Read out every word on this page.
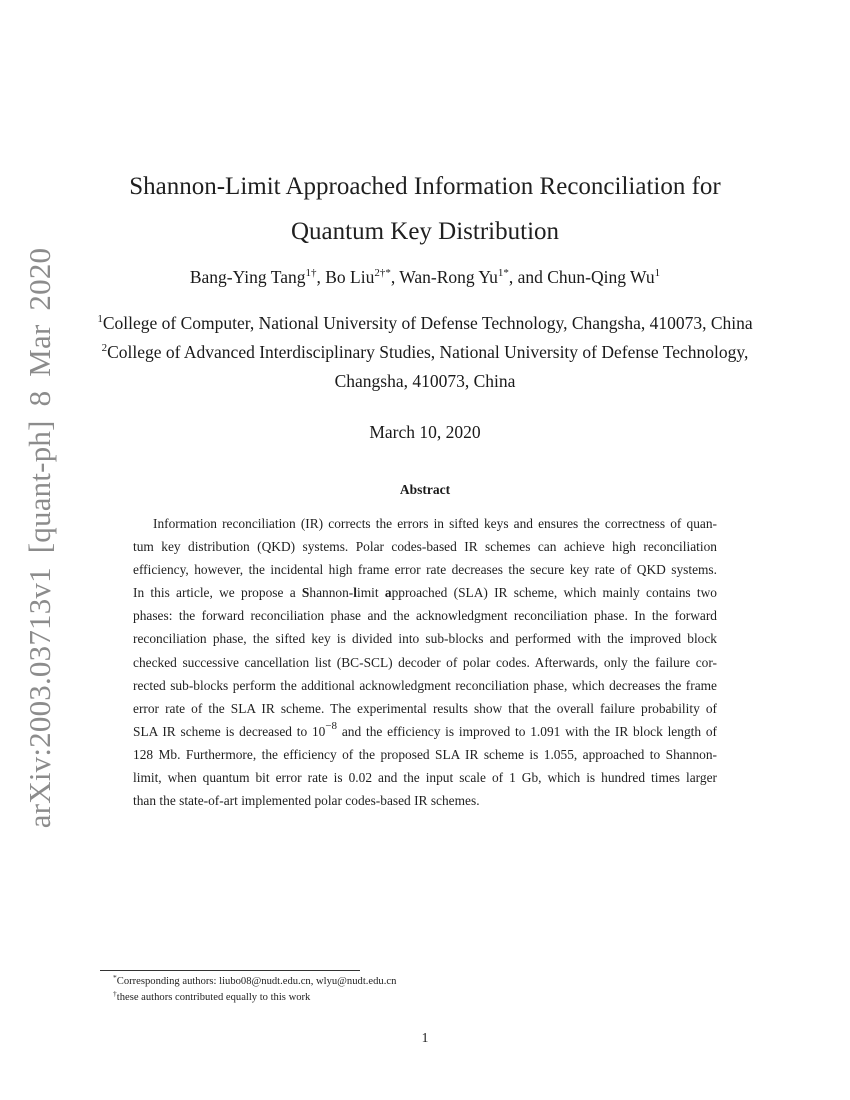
arXiv:2003.03713v1 [quant-ph] 8 Mar 2020
Shannon-Limit Approached Information Reconciliation for
Quantum Key Distribution
Bang-Ying Tang$^{1\dagger}$, Bo Liu$^{2\dagger*}$, Wan-Rong $Yu^{1*}$, and Chun-Qing Wu$^1$
$^1$College of Computer, National University of Defense Technology, Changsha, 410073, China
$^2$College of Advanced Interdisciplinary Studies, National University of Defense Technology,
Changsha, 410073, China
March 10, 2020
Abstract
Information reconciliation (IR) corrects the errors in sifted keys and ensures the correctness of quan-
tum key distribution (QKD) systems. Polar codes-based IR schemes can achieve high reconciliation
efficiency, however, the incidental high frame error rate decreases the secure key rate of QKD systems.
In this article, we propose a Shannon-limit approached (SLA) IR scheme, which mainly contains two
phases: the forward reconciliation phase and the acknowledgment reconciliation phase. In the forward
reconciliation phase, the sifted key is divided into sub-blocks and performed with the improved block
checked successive cancellation list (BC-SCL) decoder of polar codes. Afterwards, only the failure cor-
rected sub-blocks perform the additional acknowledgment reconciliation phase, which decreases the frame
error rate of the SLA IR scheme. The experimental results show that the overall failure probability of
SLA IR scheme is decreased to $10^{-8}$ and the efficiency is improved to 1.091 with the IR block length of
128 Mb. Furthermore, the efficiency of the proposed SLA IR scheme is 1.055, approached to Shannon-
limit, when quantum bit error rate is 0.02 and the input scale of 1 Gb, which is hundred times larger
than the state-of-art implemented polar codes-based IR schemes.
*Corresponding authors: liubo08@nudt.edu.cn, wlyu@nudt.edu.cn
†these authors contributed equally to this work
1
